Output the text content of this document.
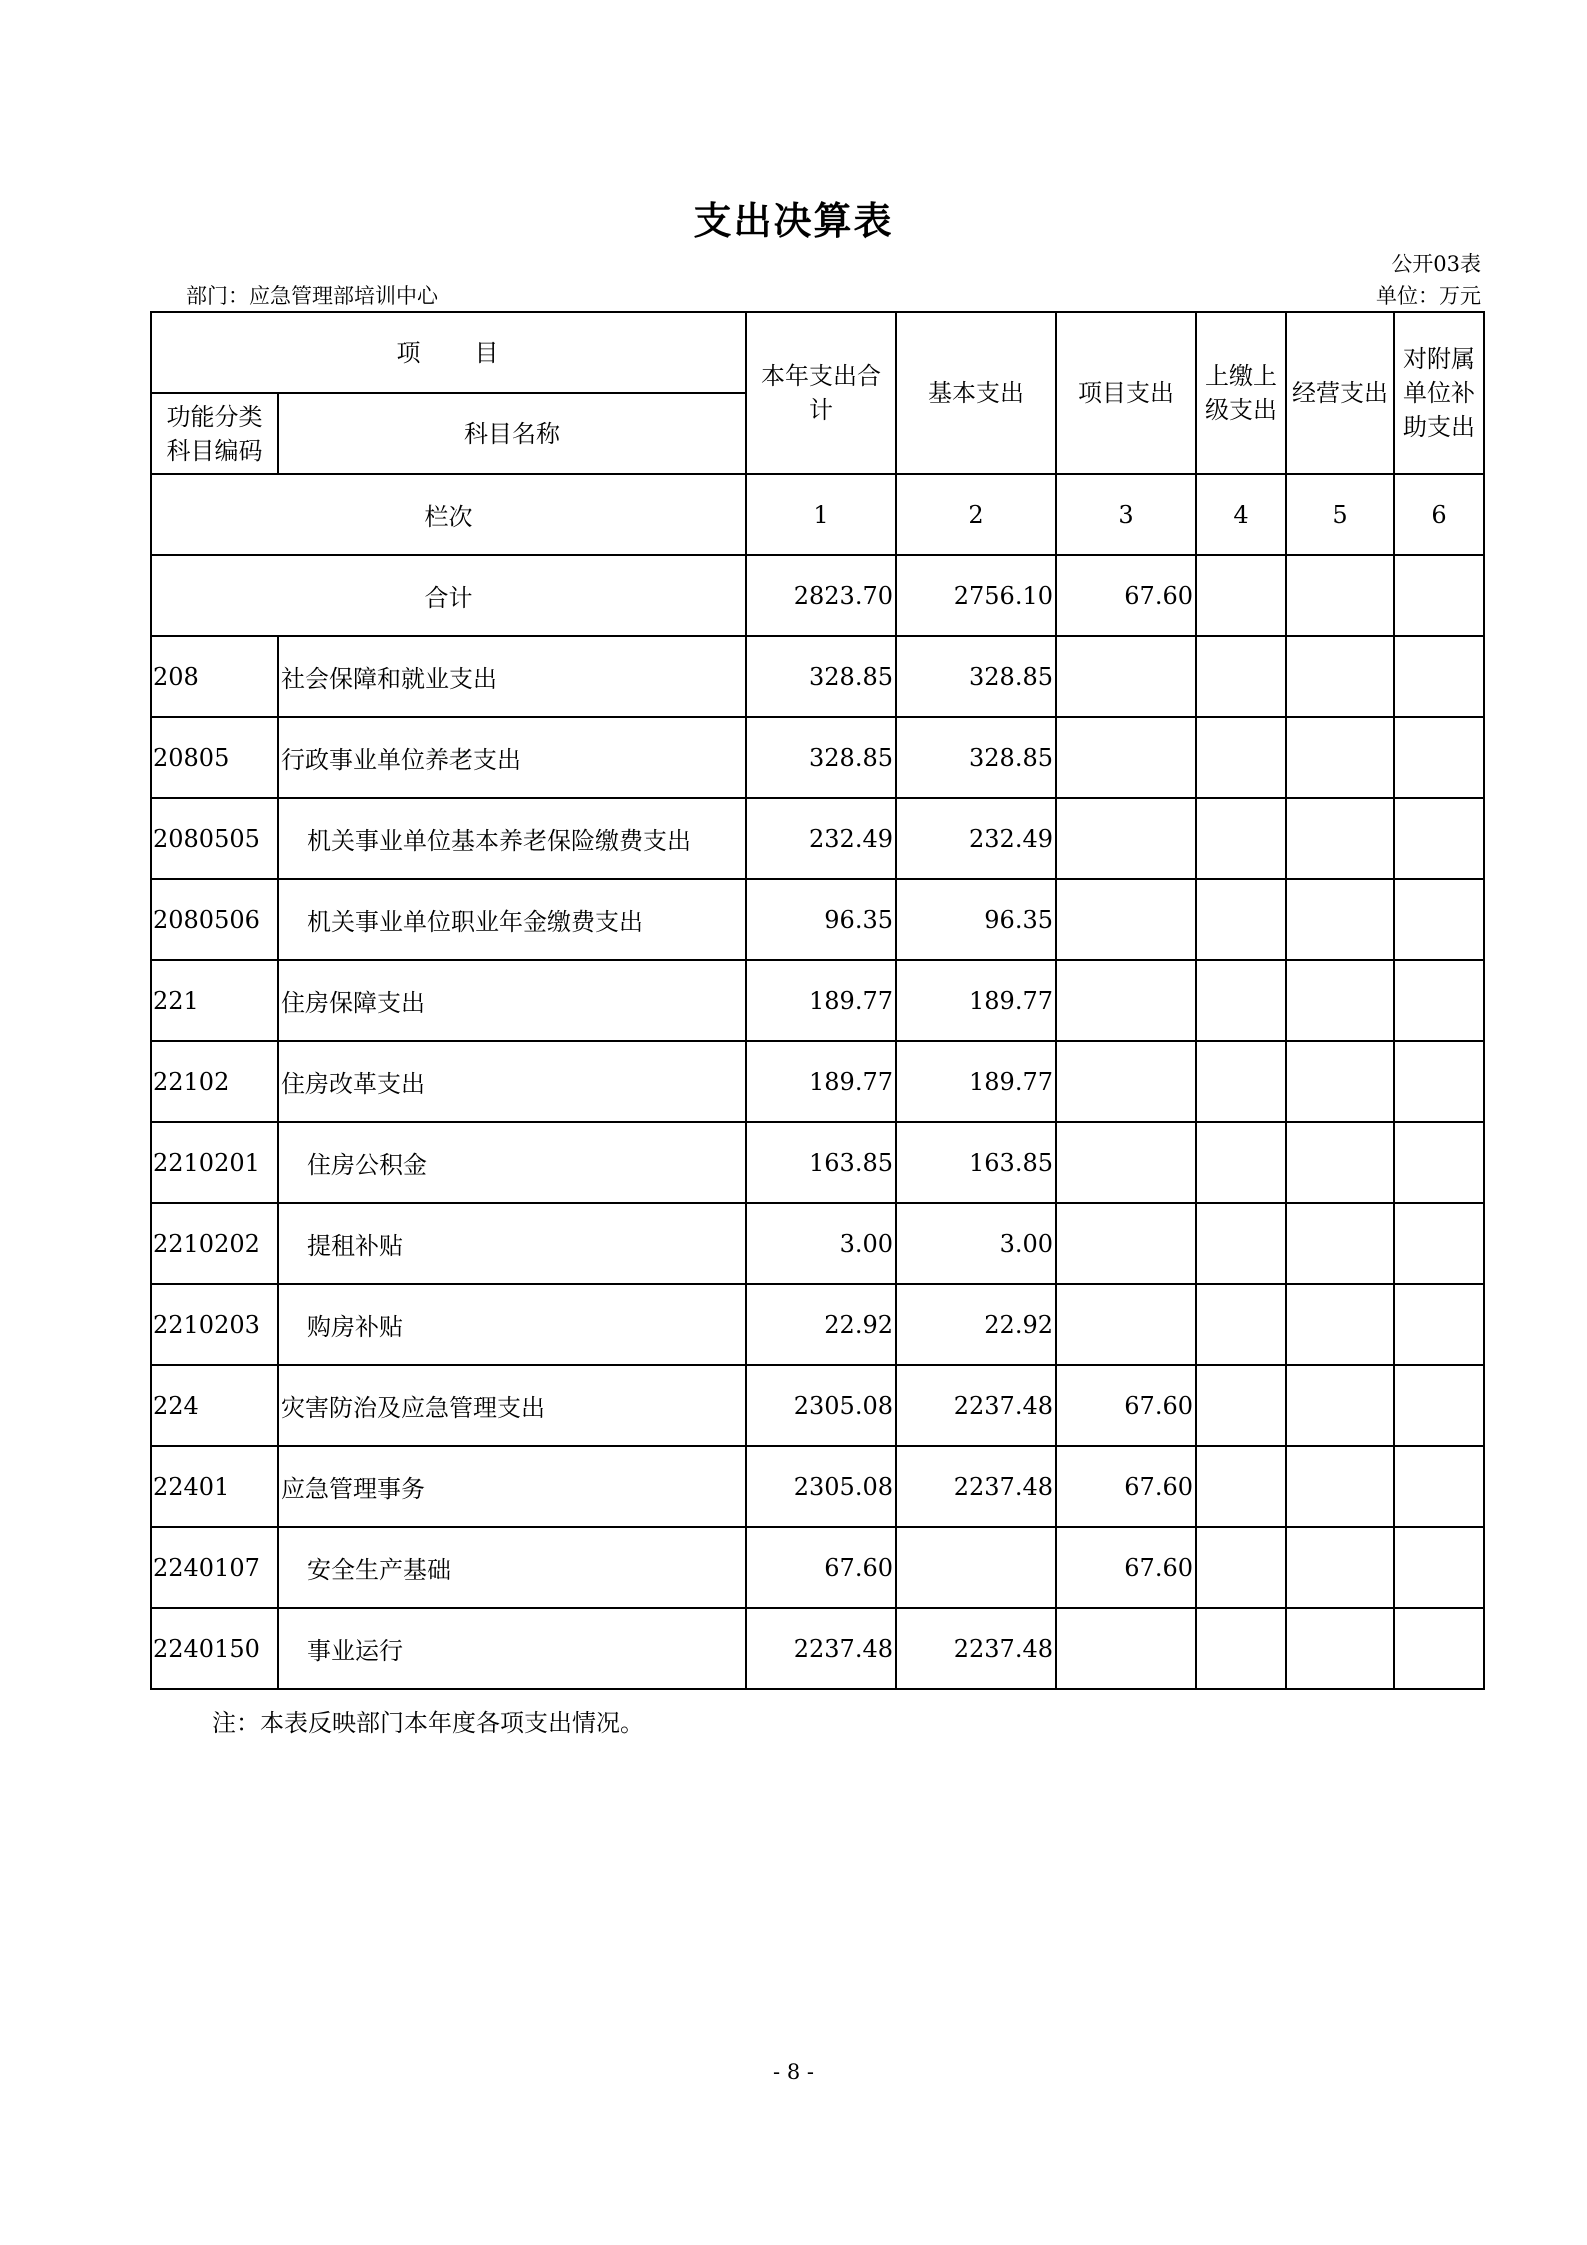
支出决算表
公开03表
部门：应急管理部培训中心	单位：万元
项　　目		本年支出合计	基本支出	项目支出	上缴上级支出	经营支出	对附属单位补助支出
功能分类科目编码	科目名称						
栏次		1	2	3	4	5	6
合计		2823.70	2756.10	67.60			
208	社会保障和就业支出	328.85	328.85				
20805	行政事业单位养老支出	328.85	328.85				
2080505	机关事业单位基本养老保险缴费支出	232.49	232.49				
2080506	机关事业单位职业年金缴费支出	96.35	96.35				
221	住房保障支出	189.77	189.77				
22102	住房改革支出	189.77	189.77				
2210201	住房公积金	163.85	163.85				
2210202	提租补贴	3.00	3.00				
2210203	购房补贴	22.92	22.92				
224	灾害防治及应急管理支出	2305.08	2237.48	67.60			
22401	应急管理事务	2305.08	2237.48	67.60			
2240107	安全生产基础	67.60		67.60			
2240150	事业运行	2237.48	2237.48				
注：本表反映部门本年度各项支出情况。
- 8 -
